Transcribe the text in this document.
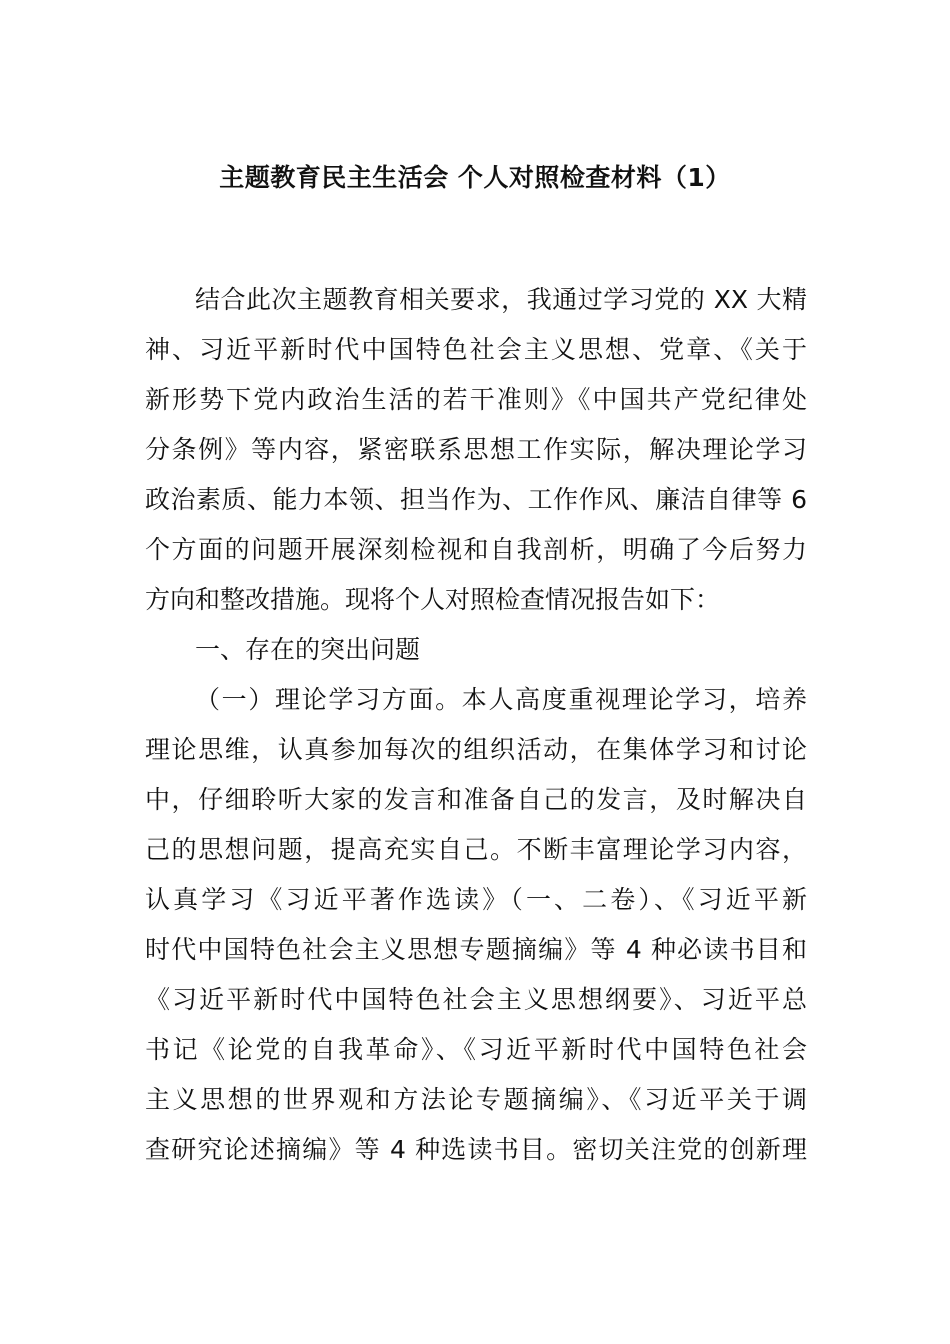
主题教育民主生活会 个人对照检查材料（1）
结合此次主题教育相关要求，我通过学习党的 XX 大精
神、习近平新时代中国特色社会主义思想、党章、《关于
新形势下党内政治生活的若干准则》《中国共产党纪律处
分条例》等内容，紧密联系思想工作实际，解决理论学习
政治素质、能力本领、担当作为、工作作风、廉洁自律等 6
个方面的问题开展深刻检视和自我剖析，明确了今后努力
方向和整改措施。现将个人对照检查情况报告如下：
一、存在的突出问题
（一）理论学习方面。本人高度重视理论学习，培养
理论思维，认真参加每次的组织活动，在集体学习和讨论
中，仔细聆听大家的发言和准备自己的发言，及时解决自
己的思想问题，提高充实自己。不断丰富理论学习内容，
认真学习《习近平著作选读》（一、二卷）、《习近平新
时代中国特色社会主义思想专题摘编》等 4 种必读书目和
《习近平新时代中国特色社会主义思想纲要》、习近平总
书记《论党的自我革命》、《习近平新时代中国特色社会
主义思想的世界观和方法论专题摘编》、《习近平关于调
查研究论述摘编》等 4 种选读书目。密切关注党的创新理
